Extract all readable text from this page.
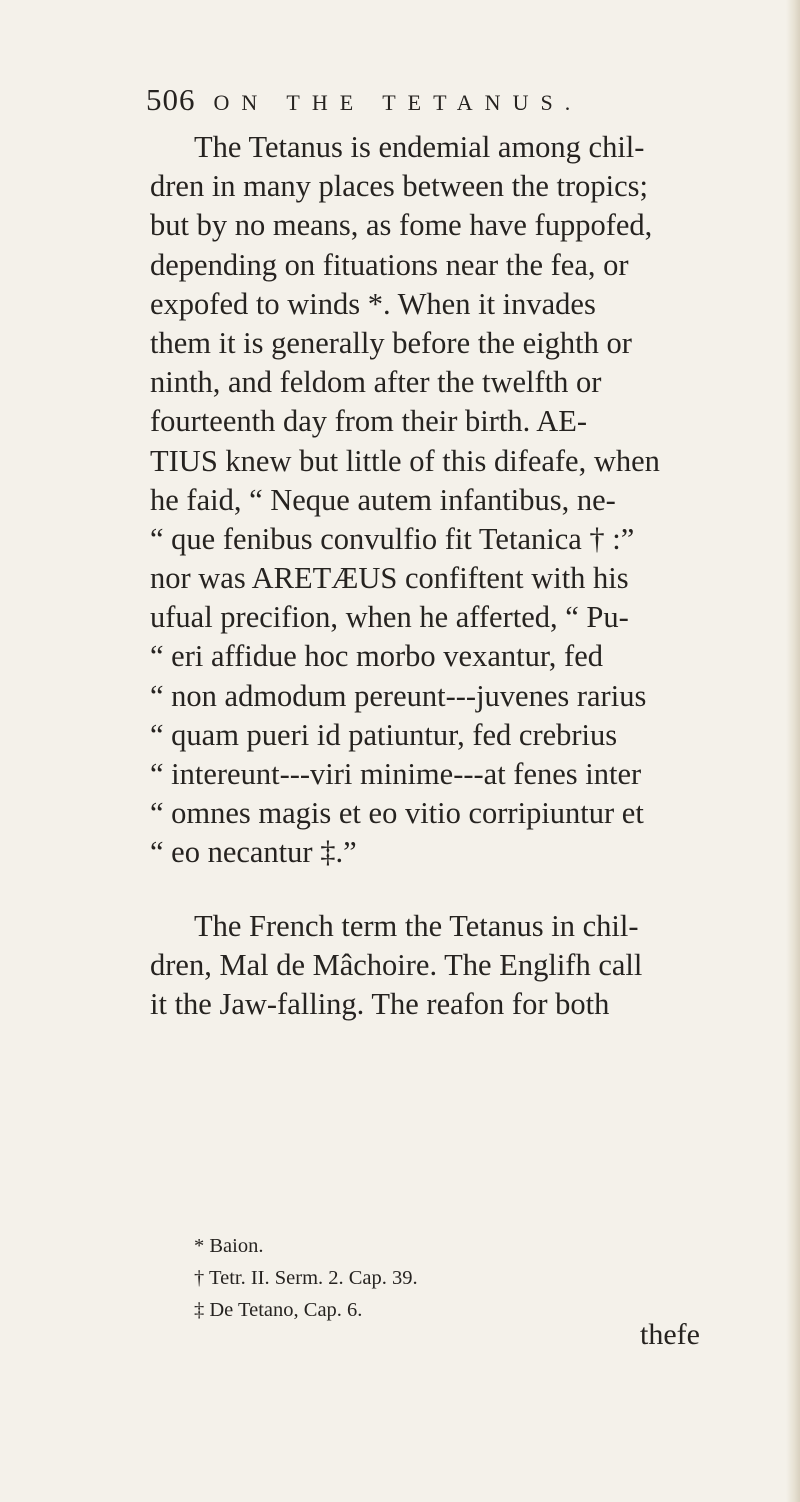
506 ON THE TETANUS.
The Tetanus is endemial among chil-
dren in many places between the tropics;
but by no means, as fome have fuppofed,
depending on fituations near the fea, or
expofed to winds *. When it invades
them it is generally before the eighth or
ninth, and feldom after the twelfth or
fourteenth day from their birth. AE-
TIUS knew but little of this difeafe, when
he faid, “ Neque autem infantibus, ne-
“ que fenibus convulfio fit Tetanica † :”
nor was ARETÆUS confiftent with his
ufual precifion, when he afferted, “ Pu-
“ eri affidue hoc morbo vexantur, fed
“ non admodum pereunt---juvenes rarius
“ quam pueri id patiuntur, fed crebrius
“ intereunt---viri minime---at fenes inter
“ omnes magis et eo vitio corripiuntur et
“ eo necantur ‡.”
The French term the Tetanus in chil-
dren, Mal de Mâchoire. The Englifh call
it the Jaw-falling. The reafon for both
* Baion.
† Tetr. II. Serm. 2. Cap. 39.
‡ De Tetano, Cap. 6.
thefe
